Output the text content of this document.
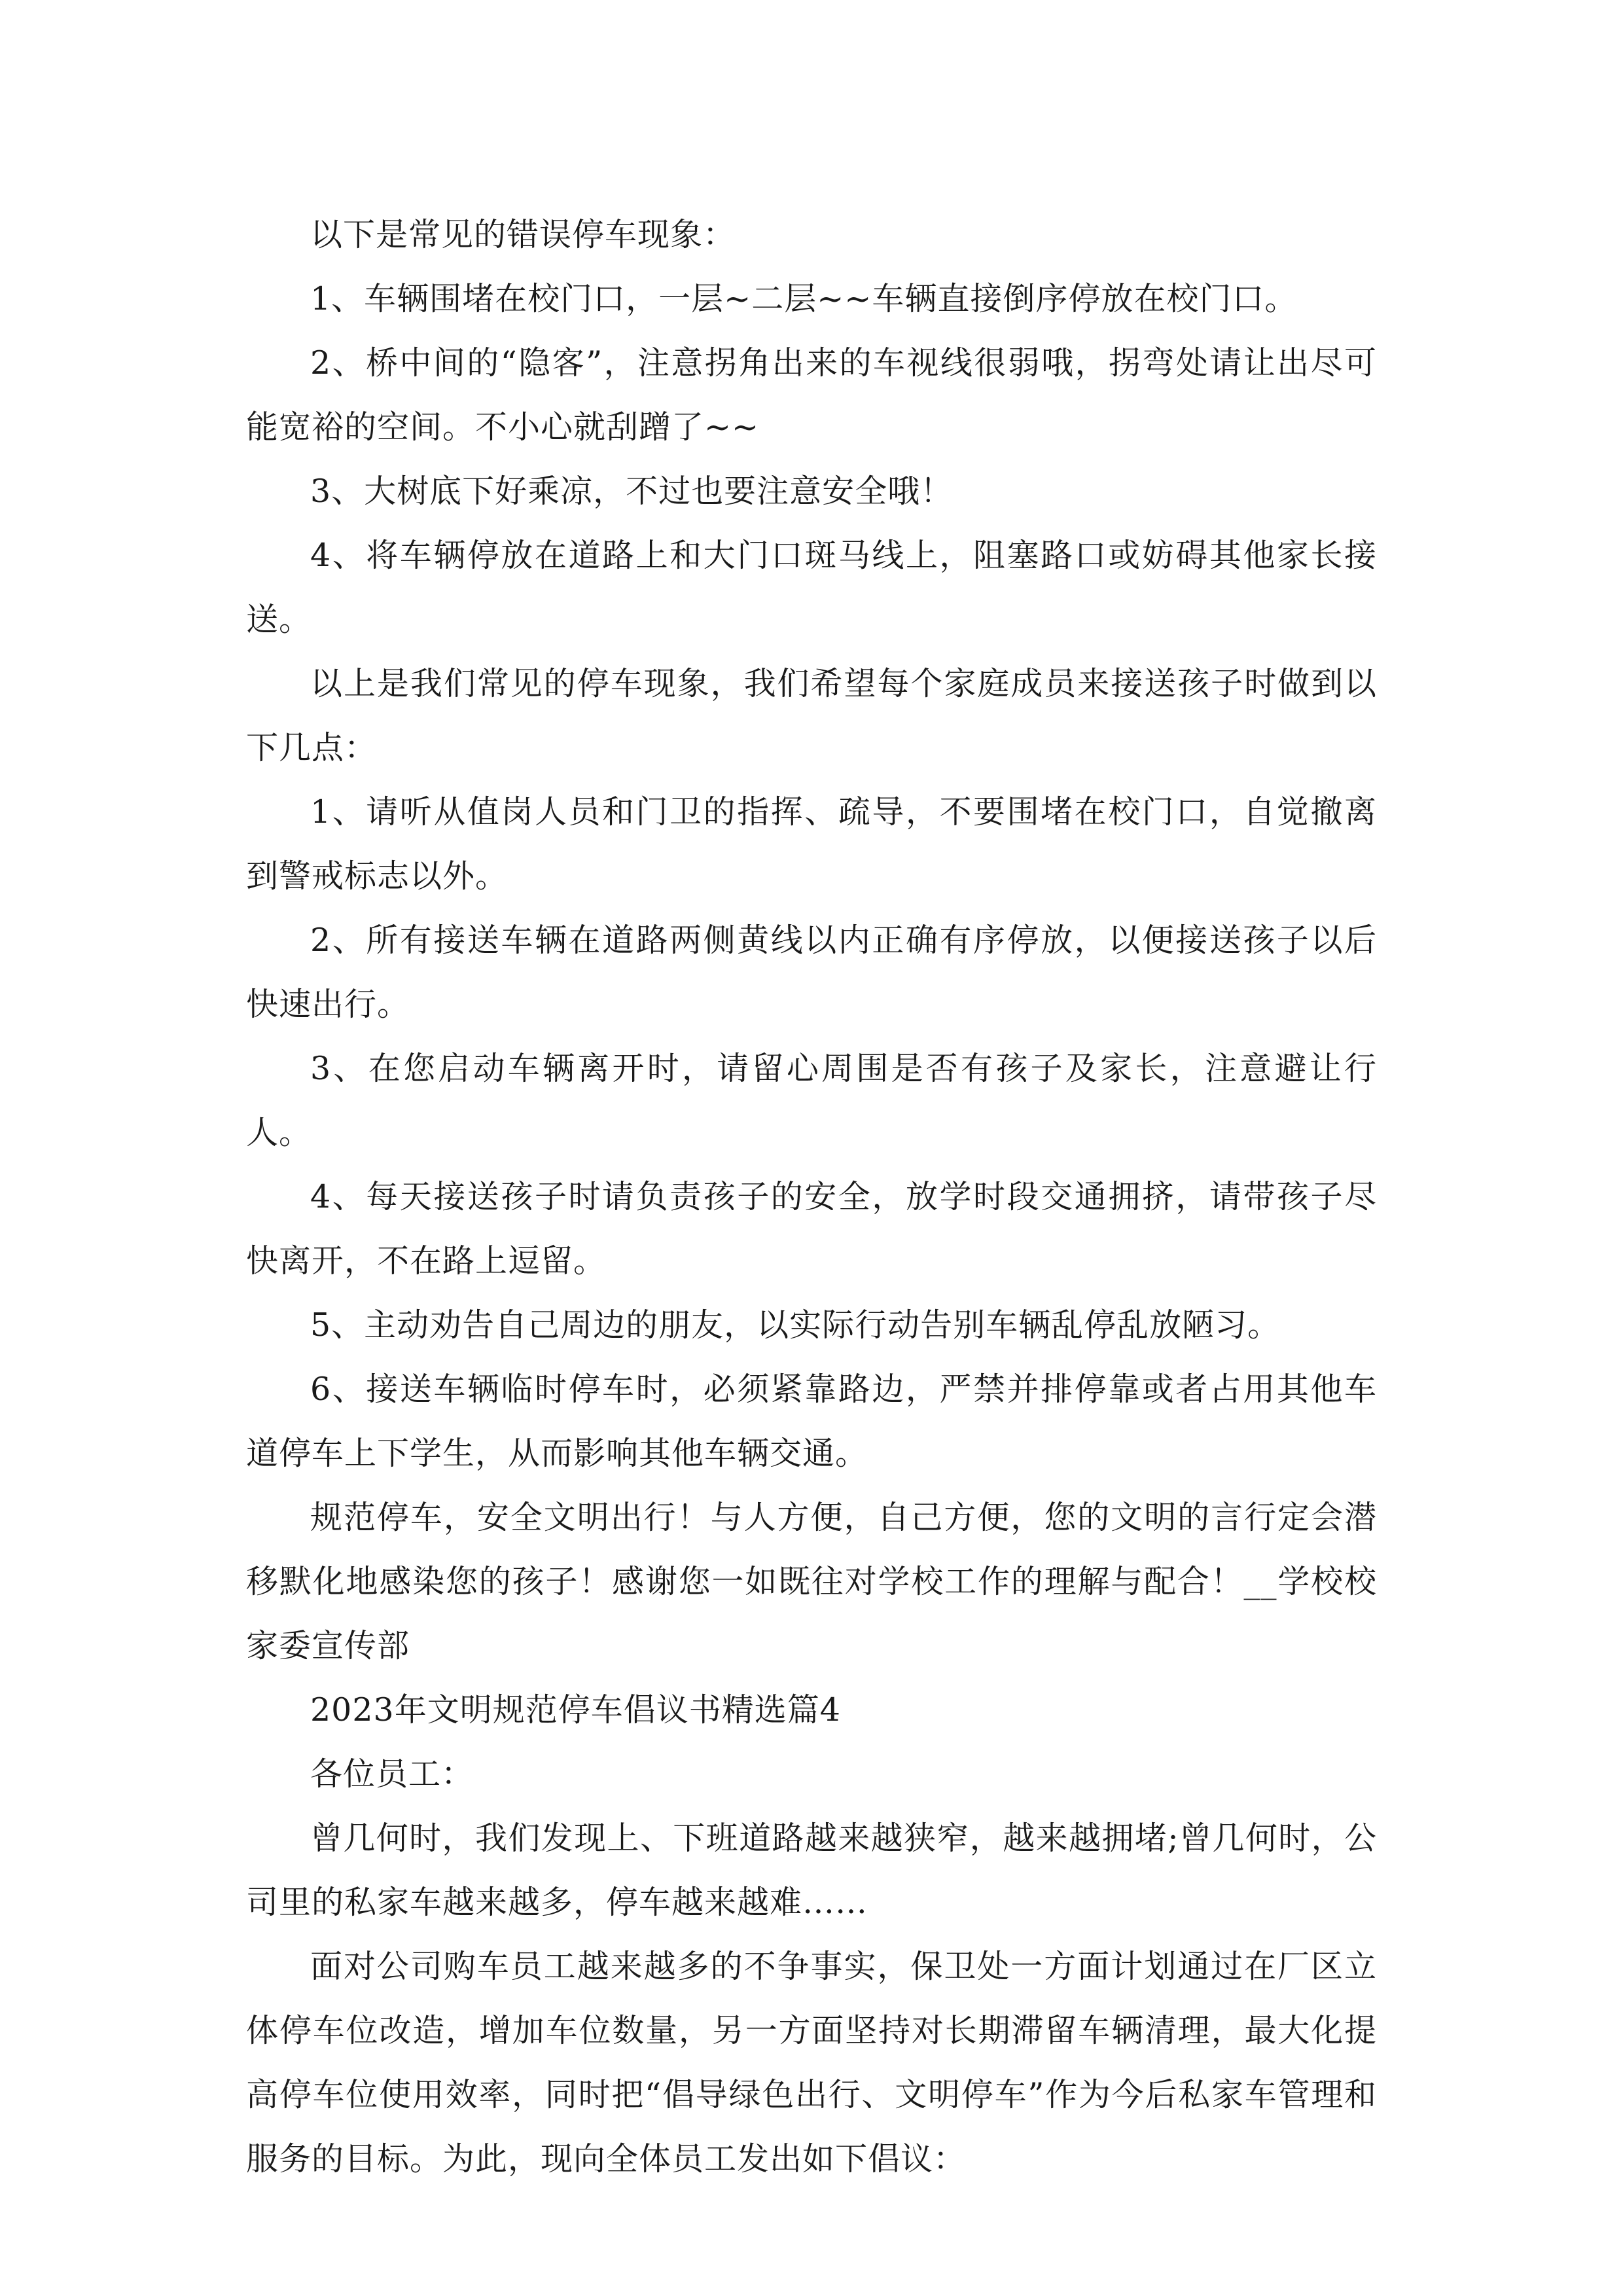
以下是常见的错误停车现象：

1、车辆围堵在校门口，一层~二层~~车辆直接倒序停放在校门口。

2、桥中间的“隐客”，注意拐角出来的车视线很弱哦，拐弯处请让出尽可能宽裕的空间。不小心就刮蹭了~~

3、大树底下好乘凉，不过也要注意安全哦！

4、将车辆停放在道路上和大门口斑马线上，阻塞路口或妨碍其他家长接送。

以上是我们常见的停车现象，我们希望每个家庭成员来接送孩子时做到以下几点：

1、请听从值岗人员和门卫的指挥、疏导，不要围堵在校门口，自觉撤离到警戒标志以外。

2、所有接送车辆在道路两侧黄线以内正确有序停放，以便接送孩子以后快速出行。

3、在您启动车辆离开时，请留心周围是否有孩子及家长，注意避让行人。

4、每天接送孩子时请负责孩子的安全，放学时段交通拥挤，请带孩子尽快离开，不在路上逗留。

5、主动劝告自己周边的朋友，以实际行动告别车辆乱停乱放陋习。

6、接送车辆临时停车时，必须紧靠路边，严禁并排停靠或者占用其他车道停车上下学生，从而影响其他车辆交通。

规范停车，安全文明出行！与人方便，自己方便，您的文明的言行定会潜移默化地感染您的孩子！感谢您一如既往对学校工作的理解与配合！__学校校家委宣传部

2023年文明规范停车倡议书精选篇4

各位员工：

曾几何时，我们发现上、下班道路越来越狭窄，越来越拥堵;曾几何时，公司里的私家车越来越多，停车越来越难……

面对公司购车员工越来越多的不争事实，保卫处一方面计划通过在厂区立体停车位改造，增加车位数量，另一方面坚持对长期滞留车辆清理，最大化提高停车位使用效率，同时把“倡导绿色出行、文明停车”作为今后私家车管理和服务的目标。为此，现向全体员工发出如下倡议：
